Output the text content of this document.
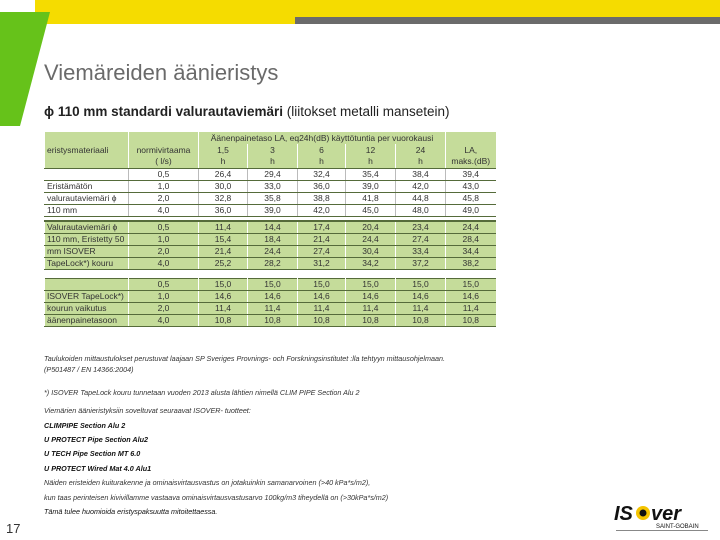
Viemäreiden äänieristys
ϕ 110 mm standardi valurautaviemäri (liitokset metalli mansetein)
		Äänenpainetaso LA, eq24h(dB) käyttötuntia per vuorokausi					
eristysmateriaali	normivirtaama	1,5	3	6	12	24	LA,
	( l/s)	h	h	h	h	h	maks.(dB)
	0,5	26,4	29,4	32,4	35,4	38,4	39,4
Eristämätön	1,0	30,0	33,0	36,0	39,0	42,0	43,0
valurautaviemäri ϕ	2,0	32,8	35,8	38,8	41,8	44,8	45,8
110 mm	4,0	36,0	39,0	42,0	45,0	48,0	49,0
Valurautaviemäri ϕ	0,5	11,4	14,4	17,4	20,4	23,4	24,4
110 mm, Eristetty 50	1,0	15,4	18,4	21,4	24,4	27,4	28,4
mm ISOVER	2,0	21,4	24,4	27,4	30,4	33,4	34,4
TapeLock*) kouru	4,0	25,2	28,2	31,2	34,2	37,2	38,2
	0,5	15,0	15,0	15,0	15,0	15,0	15,0
ISOVER TapeLock*)	1,0	14,6	14,6	14,6	14,6	14,6	14,6
kourun vaikutus	2,0	11,4	11,4	11,4	11,4	11,4	11,4
äänenpainetasoon	4,0	10,8	10,8	10,8	10,8	10,8	10,8
Taulukoiden mittaustulokset perustuvat laajaan SP Sveriges Provnings- och Forskningsinstitutet :lla tehtyyn mittausohjelmaan.
(P501487 / EN 14366:2004)
*) ISOVER TapeLock kouru tunnetaan vuoden 2013 alusta lähtien nimellä CLIM PIPE Section Alu 2
Viemärien äänieristyksiin soveltuvat seuraavat ISOVER- tuotteet:
CLIMPIPE Section Alu 2
U PROTECT Pipe Section Alu2
U TECH Pipe Section MT 6.0
U PROTECT Wired Mat 4.0 Alu1
Näiden eristeiden kuiturakenne ja ominaisvirtausvastus on jotakuinkin samanarvoinen (>40 kPa*s/m2),
kun taas perinteisen kivivillamme vastaava ominaisvirtausvastusarvo 100kg/m3 tiheydellä on (>30kPa*s/m2)
Tämä tulee huomioida eristyspaksuutta mitoitettaessa.
17
IS ver
SAINT-GOBAIN
